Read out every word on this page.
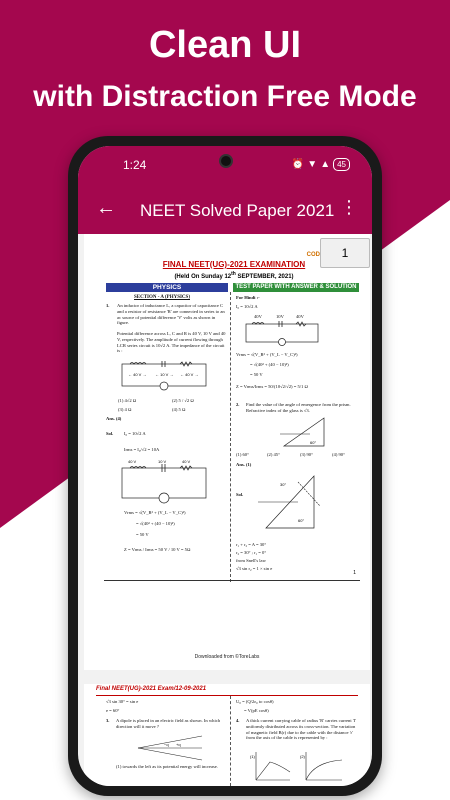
Clean UI
with Distraction Free Mode
1:24	⏰ ▼ ▲ 45
← NEET Solved Paper 2021 ⋮
1
COD
FINAL NEET(UG)-2021 EXAMINATION
(Held On Sunday 12th SEPTEMBER, 2021)
PHYSICS	TEST PAPER WITH ANSWER & SOLUTION
SECTION - A (PHYSICS)
1. An inductor of inductance L, a capacitor of capacitance C and a resistor of resistance 'R' are connected in series to an ac source of potential difference 'V' volts as shown in figure.
Potential difference across L, C and R is 40 V, 10 V and 40 V, respectively. The amplitude of current flowing through LCR series circuit is 10√2 A. The impedance of the circuit is :
← 40 V → ← 10 V → ← 40 V →
(1) 4√2 Ω	(2) 5 / √2 Ω
(3) 4 Ω	(4) 5 Ω
Ans. (4)
Sol. I₀ = 10√2 A
Irms = I₀/√2 = 10A
40 V	10 V	40 V
Vrms = √(V_R² + (V_L − V_C)²)
= √(40² + (40 − 10)²)
= 50 V
Z = Vrms / Irms = 50 V / 10 V = 5Ω
For Hindi :-
I₀ = 10√2 A
40V	10V	40V
Vrms = √(V_R² + (V_L − V_C)²)
= √(40² + (40 − 10)²)
= 50 V
Z = Vrms/Irms = 50/(10√2/√2) = 5/1 Ω
2. Find the value of the angle of emergence from the prism. Refractive index of the glass is √3.
60°
(1) 60°	(2) 45°	(3) 90°	(4) 90°
Ans. (1)
Sol.
30°
60°
r₁ + r₂ = A = 30°
r₂ = 30° ; r₁ = 0°
from Snell's law
√3 sin r₂ = 1 × sin e
1
Downloaded from ©ToreLabs
Final NEET(UG)-2021 Exam/12-09-2021
√3 sin 30° = sin e
e = 60°
3. A dipole is placed in an electric field as shown. In which direction will it move ?
−q +q
(1) towards the left as its potential energy will increase.
U₀ = (Q/2ε₀ to cosθ)
= V(pE cosθ)
4. A thick current carrying cable of radius 'R' carries current 'I' uniformly distributed across its cross-section. The variation of magnetic field B(r) due to the cable with the distance 'r' from the axis of the cable is represented by :
(1)	(2)
